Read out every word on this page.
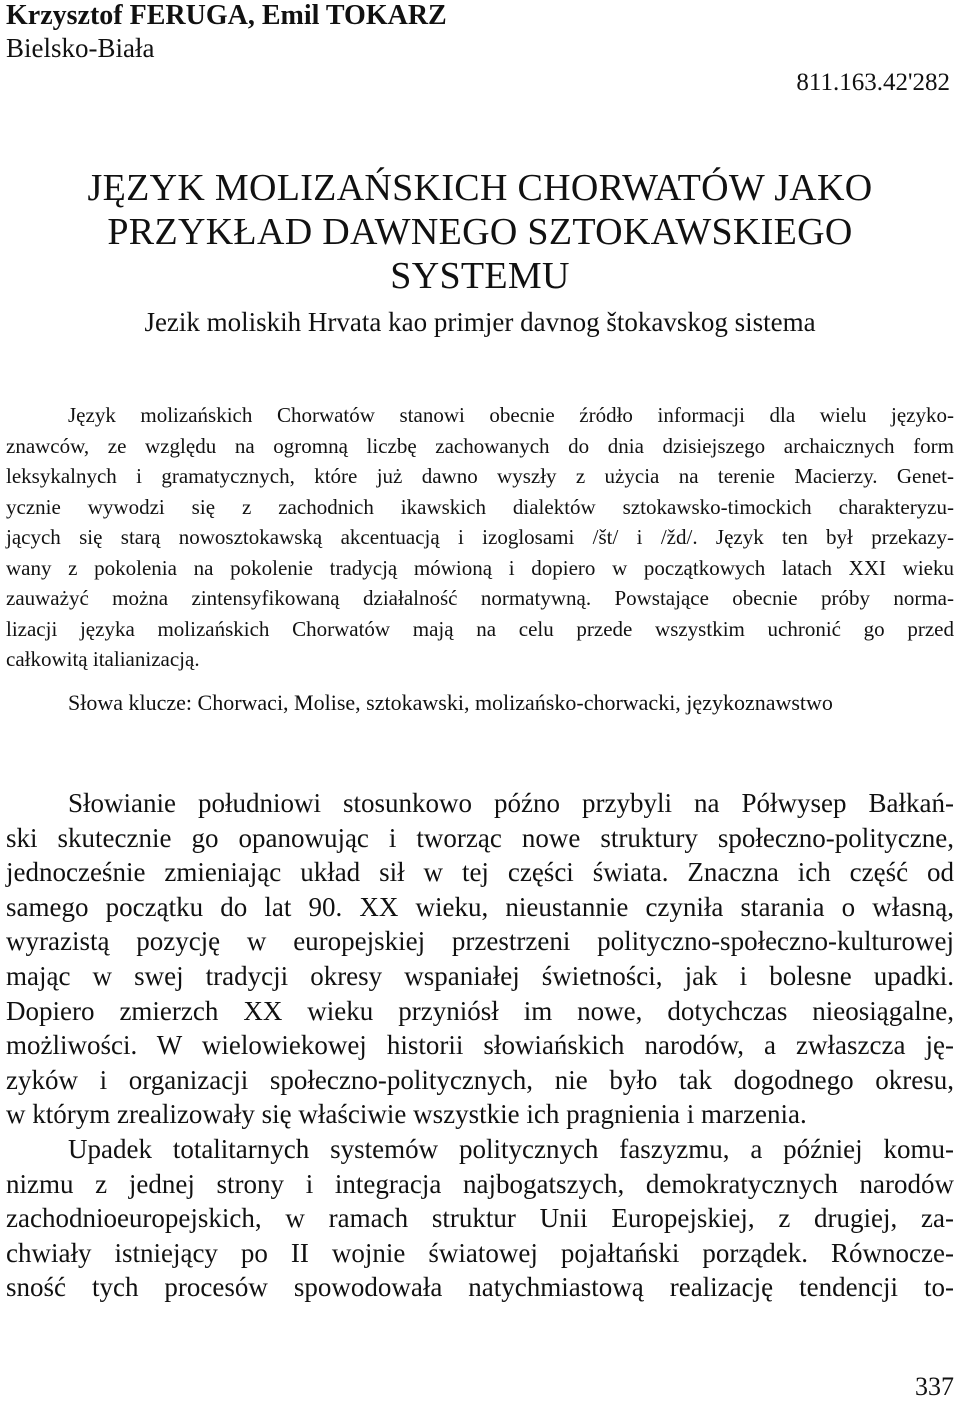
Krzysztof FERUGA, Emil TOKARZ
Bielsko-Biała
811.163.42'282
JĘZYK MOLIZAŃSKICH CHORWATÓW JAKO
PRZYKŁAD DAWNEGO SZTOKAWSKIEGO
SYSTEMU
Jezik moliskih Hrvata kao primjer davnog štokavskog sistema
Język molizańskich Chorwatów stanowi obecnie źródło informacji dla wielu języko-
znawców, ze względu na ogromną liczbę zachowanych do dnia dzisiejszego archaicznych form
leksykalnych i gramatycznych, które już dawno wyszły z użycia na terenie Macierzy. Genet-
ycznie wywodzi się z zachodnich ikawskich dialektów sztokawsko-timockich charakteryzu-
jących się starą nowosztokawską akcentuacją i izoglosami /št/ i /žd/. Język ten był przekazy-
wany z pokolenia na pokolenie tradycją mówioną i dopiero w początkowych latach XXI wieku
zauważyć można zintensyfikowaną działalność normatywną. Powstające obecnie próby norma-
lizacji języka molizańskich Chorwatów mają na celu przede wszystkim uchronić go przed
całkowitą italianizacją.
Słowa klucze: Chorwaci, Molise, sztokawski, molizańsko-chorwacki, językoznawstwo
Słowianie południowi stosunkowo późno przybyli na Półwysep Bałkań-
ski skutecznie go opanowując i tworząc nowe struktury społeczno-polityczne,
jednocześnie zmieniając układ sił w tej części świata. Znaczna ich część od
samego początku do lat 90. XX wieku, nieustannie czyniła starania o własną,
wyrazistą pozycję w europejskiej przestrzeni polityczno-społeczno-kulturowej
mając w swej tradycji okresy wspaniałej świetności, jak i bolesne upadki.
Dopiero zmierzch XX wieku przyniósł im nowe, dotychczas nieosiągalne,
możliwości. W wielowiekowej historii słowiańskich narodów, a zwłaszcza ję-
zyków i organizacji społeczno-politycznych, nie było tak dogodnego okresu,
w którym zrealizowały się właściwie wszystkie ich pragnienia i marzenia.
Upadek totalitarnych systemów politycznych faszyzmu, a później komu-
nizmu z jednej strony i integracja najbogatszych, demokratycznych narodów
zachodnioeuropejskich, w ramach struktur Unii Europejskiej, z drugiej, za-
chwiały istniejący po II wojnie światowej pojałtański porządek. Równocze-
sność tych procesów spowodowała natychmiastową realizację tendencji to-
337
